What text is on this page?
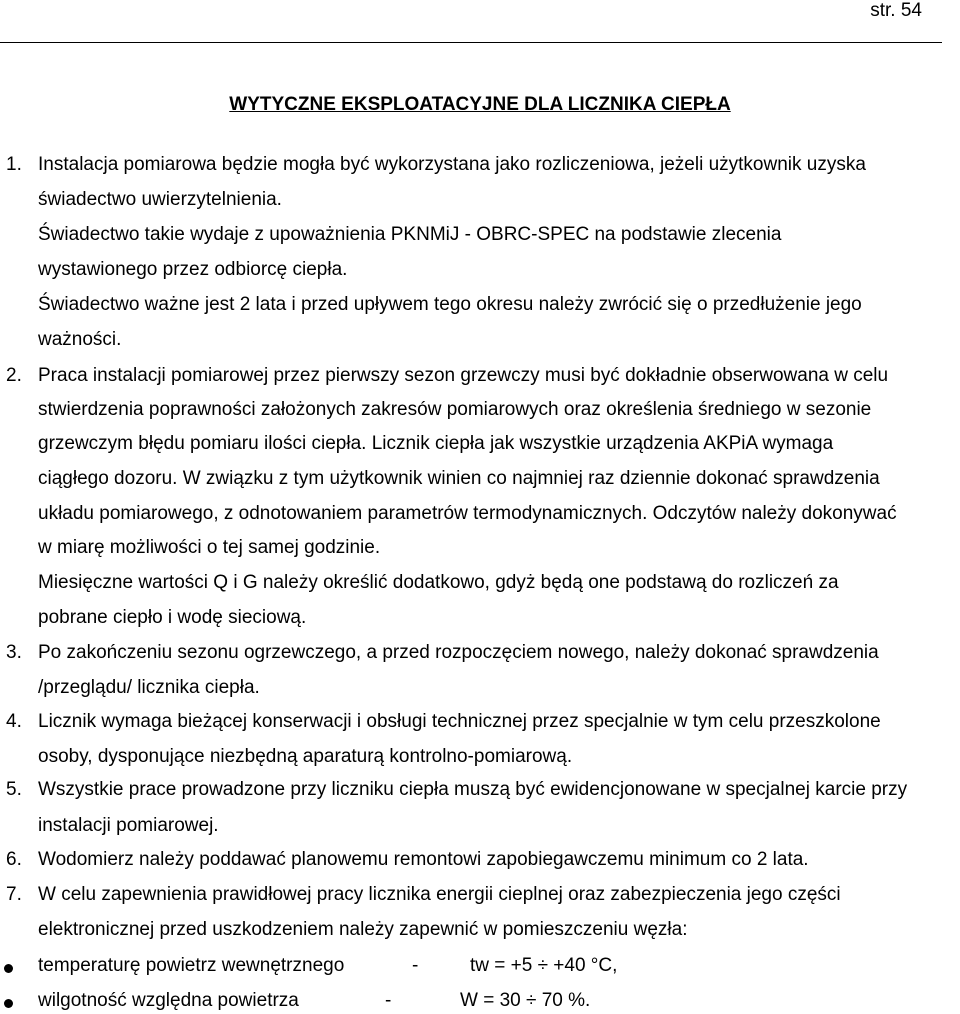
str. 54
WYTYCZNE EKSPLOATACYJNE DLA LICZNIKA CIEPŁA
1. Instalacja pomiarowa będzie mogła być wykorzystana jako rozliczeniowa, jeżeli użytkownik uzyska
świadectwo uwierzytelnienia.
Świadectwo takie wydaje z upoważnienia PKNMiJ - OBRC-SPEC na podstawie zlecenia
wystawionego przez odbiorcę ciepła.
Świadectwo ważne jest 2 lata i przed upływem tego okresu należy zwrócić się o przedłużenie jego
ważności.
2. Praca instalacji pomiarowej przez pierwszy sezon grzewczy musi być dokładnie obserwowana w celu
stwierdzenia poprawności założonych zakresów pomiarowych oraz określenia średniego w sezonie
grzewczym błędu pomiaru ilości ciepła. Licznik ciepła jak wszystkie urządzenia AKPiA wymaga
ciągłego dozoru. W związku z tym użytkownik winien co najmniej raz dziennie dokonać sprawdzenia
układu pomiarowego, z odnotowaniem parametrów termodynamicznych. Odczytów należy dokonywać
w miarę możliwości o tej samej godzinie.
Miesięczne wartości Q i G należy określić dodatkowo, gdyż będą one podstawą do rozliczeń za
pobrane ciepło i wodę sieciową.
3. Po zakończeniu sezonu ogrzewczego, a przed rozpoczęciem nowego, należy dokonać sprawdzenia
/przeglądu/ licznika ciepła.
4. Licznik wymaga bieżącej konserwacji i obsługi technicznej przez specjalnie w tym celu przeszkolone
osoby, dysponujące niezbędną aparaturą kontrolno-pomiarową.
5. Wszystkie prace prowadzone przy liczniku ciepła muszą być ewidencjonowane w specjalnej karcie przy
instalacji pomiarowej.
6. Wodomierz należy poddawać planowemu remontowi zapobiegawczemu minimum co 2 lata.
7. W celu zapewnienia prawidłowej pracy licznika energii cieplnej oraz zabezpieczenia jego części
elektronicznej przed uszkodzeniem należy zapewnić w pomieszczeniu węzła:
temperaturę powietrz wewnętrznego	-	tw = +5 ÷ +40 °C,
wilgotność względna powietrza	-	W = 30 ÷ 70 %.
